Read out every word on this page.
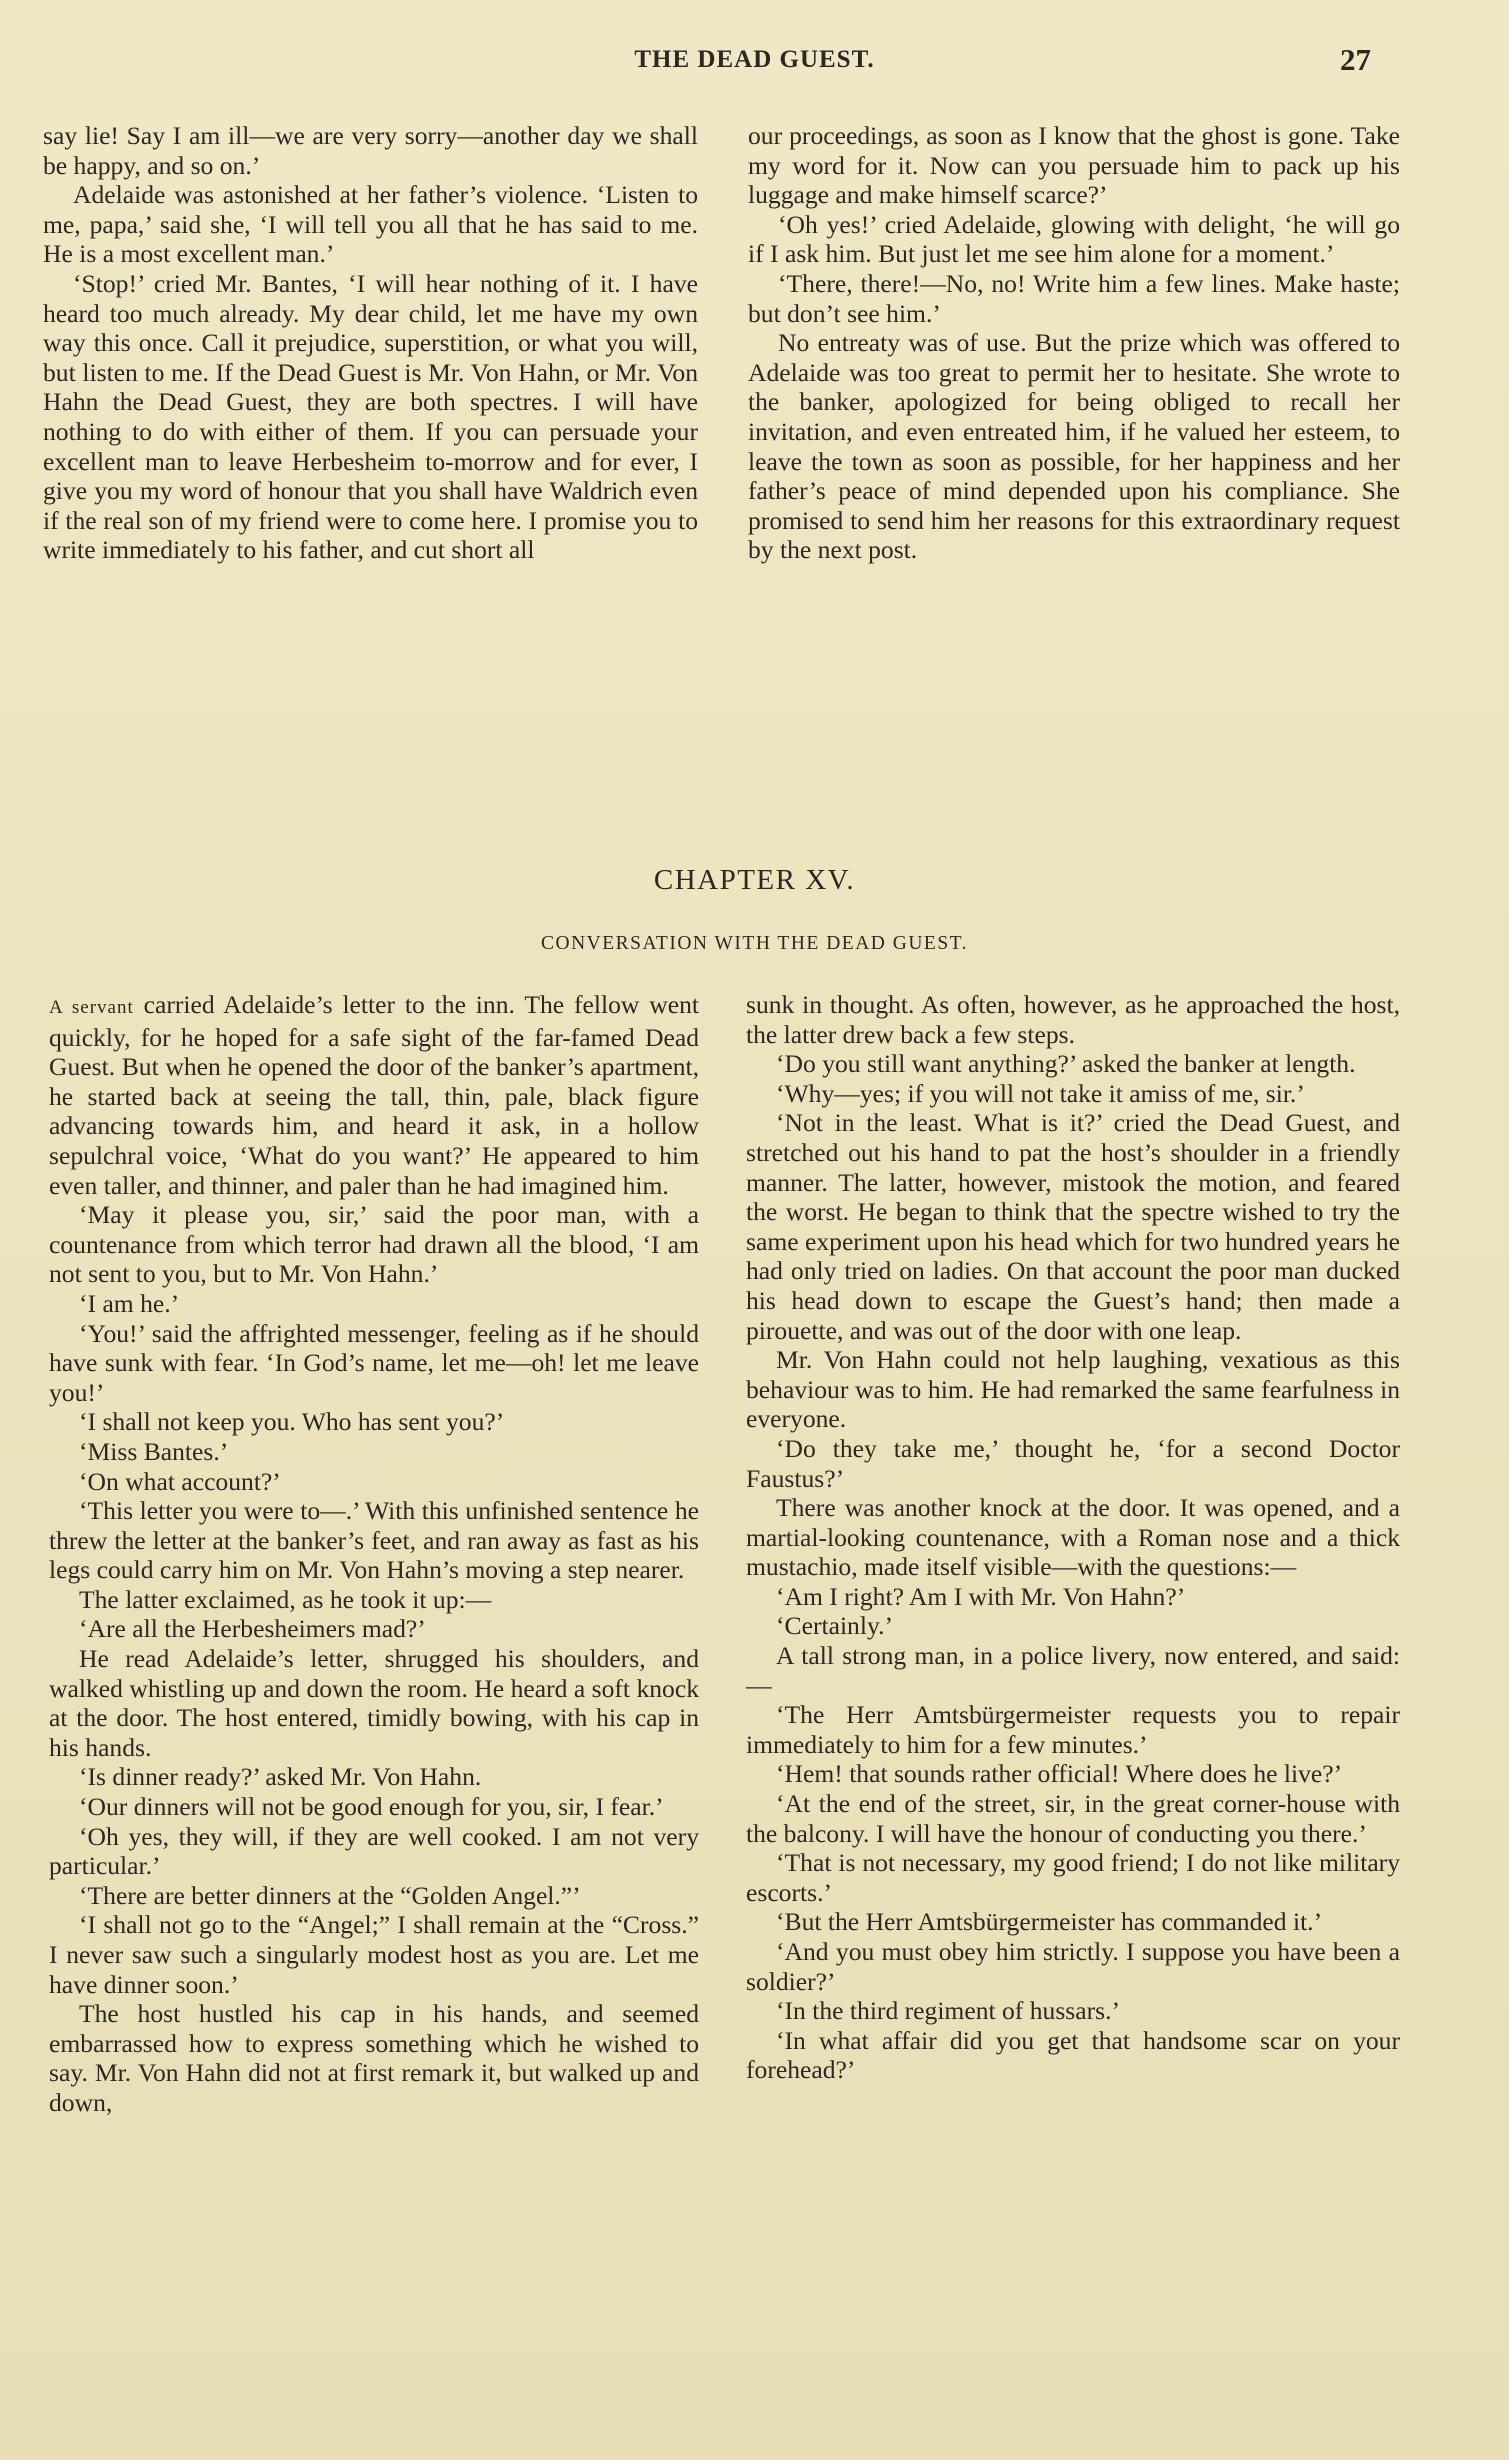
THE DEAD GUEST.	27

say lie! Say I am ill—we are very sorry—another day we shall be happy, and so on.’

Adelaide was astonished at her father’s violence. ‘Listen to me, papa,’ said she, ‘I will tell you all that he has said to me. He is a most excellent man.’

‘Stop!’ cried Mr. Bantes, ‘I will hear nothing of it. I have heard too much already. My dear child, let me have my own way this once. Call it prejudice, superstition, or what you will, but listen to me. If the Dead Guest is Mr. Von Hahn, or Mr. Von Hahn the Dead Guest, they are both spectres. I will have nothing to do with either of them. If you can persuade your excellent man to leave Herbesheim to-morrow and for ever, I give you my word of honour that you shall have Waldrich even if the real son of my friend were to come here. I promise you to write immediately to his father, and cut short all

our proceedings, as soon as I know that the ghost is gone. Take my word for it. Now can you persuade him to pack up his luggage and make himself scarce?’

‘Oh yes!’ cried Adelaide, glowing with delight, ‘he will go if I ask him. But just let me see him alone for a moment.’

‘There, there!—No, no! Write him a few lines. Make haste; but don’t see him.’

No entreaty was of use. But the prize which was offered to Adelaide was too great to permit her to hesitate. She wrote to the banker, apologized for being obliged to recall her invitation, and even entreated him, if he valued her esteem, to leave the town as soon as possible, for her happiness and her father’s peace of mind depended upon his compliance. She promised to send him her reasons for this extraordinary request by the next post.

CHAPTER XV.
CONVERSATION WITH THE DEAD GUEST.

A servant carried Adelaide’s letter to the inn. The fellow went quickly, for he hoped for a safe sight of the far-famed Dead Guest. But when he opened the door of the banker’s apartment, he started back at seeing the tall, thin, pale, black figure advancing towards him, and heard it ask, in a hollow sepulchral voice, ‘What do you want?’ He appeared to him even taller, and thinner, and paler than he had imagined him.

‘May it please you, sir,’ said the poor man, with a countenance from which terror had drawn all the blood, ‘I am not sent to you, but to Mr. Von Hahn.’

‘I am he.’

‘You!’ said the affrighted messenger, feeling as if he should have sunk with fear. ‘In God’s name, let me—oh! let me leave you!’

‘I shall not keep you. Who has sent you?’

‘Miss Bantes.’

‘On what account?’

‘This letter you were to—.’ With this unfinished sentence he threw the letter at the banker’s feet, and ran away as fast as his legs could carry him on Mr. Von Hahn’s moving a step nearer.

The latter exclaimed, as he took it up:—

‘Are all the Herbesheimers mad?’

He read Adelaide’s letter, shrugged his shoulders, and walked whistling up and down the room. He heard a soft knock at the door. The host entered, timidly bowing, with his cap in his hands.

‘Is dinner ready?’ asked Mr. Von Hahn.

‘Our dinners will not be good enough for you, sir, I fear.’

‘Oh yes, they will, if they are well cooked. I am not very particular.’

‘There are better dinners at the “Golden Angel.”’

‘I shall not go to the “Angel;” I shall remain at the “Cross.” I never saw such a singularly modest host as you are. Let me have dinner soon.’

The host hustled his cap in his hands, and seemed embarrassed how to express something which he wished to say. Mr. Von Hahn did not at first remark it, but walked up and down,

sunk in thought. As often, however, as he approached the host, the latter drew back a few steps.

‘Do you still want anything?’ asked the banker at length.

‘Why—yes; if you will not take it amiss of me, sir.’

‘Not in the least. What is it?’ cried the Dead Guest, and stretched out his hand to pat the host’s shoulder in a friendly manner. The latter, however, mistook the motion, and feared the worst. He began to think that the spectre wished to try the same experiment upon his head which for two hundred years he had only tried on ladies. On that account the poor man ducked his head down to escape the Guest’s hand; then made a pirouette, and was out of the door with one leap.

Mr. Von Hahn could not help laughing, vexatious as this behaviour was to him. He had remarked the same fearfulness in everyone.

‘Do they take me,’ thought he, ‘for a second Doctor Faustus?’

There was another knock at the door. It was opened, and a martial-looking countenance, with a Roman nose and a thick mustachio, made itself visible—with the questions:—

‘Am I right? Am I with Mr. Von Hahn?’

‘Certainly.’

A tall strong man, in a police livery, now entered, and said:—

‘The Herr Amtsbürgermeister requests you to repair immediately to him for a few minutes.’

‘Hem! that sounds rather official! Where does he live?’

‘At the end of the street, sir, in the great corner-house with the balcony. I will have the honour of conducting you there.’

‘That is not necessary, my good friend; I do not like military escorts.’

‘But the Herr Amtsbürgermeister has commanded it.’

‘And you must obey him strictly. I suppose you have been a soldier?’

‘In the third regiment of hussars.’

‘In what affair did you get that handsome scar on your forehead?’
